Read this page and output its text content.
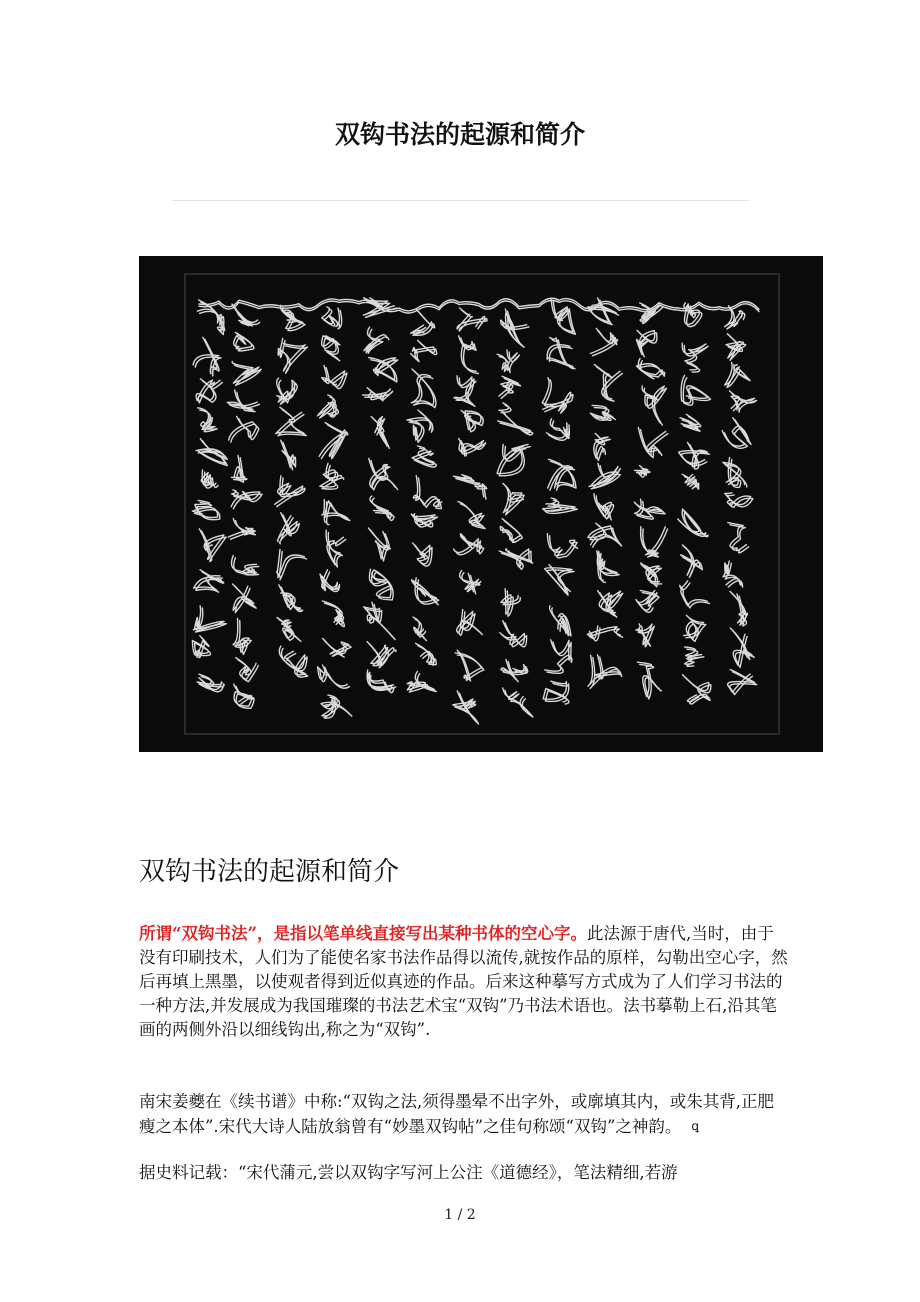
双钩书法的起源和简介
双钩书法的起源和简介

所谓“双钩书法”，是指以笔单线直接写出某种书体的空心字。此法源于唐代,当时，由于没有印刷技术，人们为了能使名家书法作品得以流传,就按作品的原样，勾勒出空心字，然后再填上黑墨，以使观者得到近似真迹的作品。后来这种摹写方式成为了人们学习书法的一种方法,并发展成为我国璀璨的书法艺术宝“双钩”乃书法术语也。法书摹勒上石,沿其笔画的两侧外沿以细线钩出,称之为“双钩”.

南宋姜夔在《续书谱》中称:“双钩之法,须得墨晕不出字外，或廓填其内，或朱其背,正肥瘦之本体”.宋代大诗人陆放翁曾有“妙墨双钩帖”之佳句称颂“双钩”之神韵。 ꝗ

据史料记载：“宋代蒲元,尝以双钩字写河上公注《道德经》，笔法精细,若游

1 / 2
